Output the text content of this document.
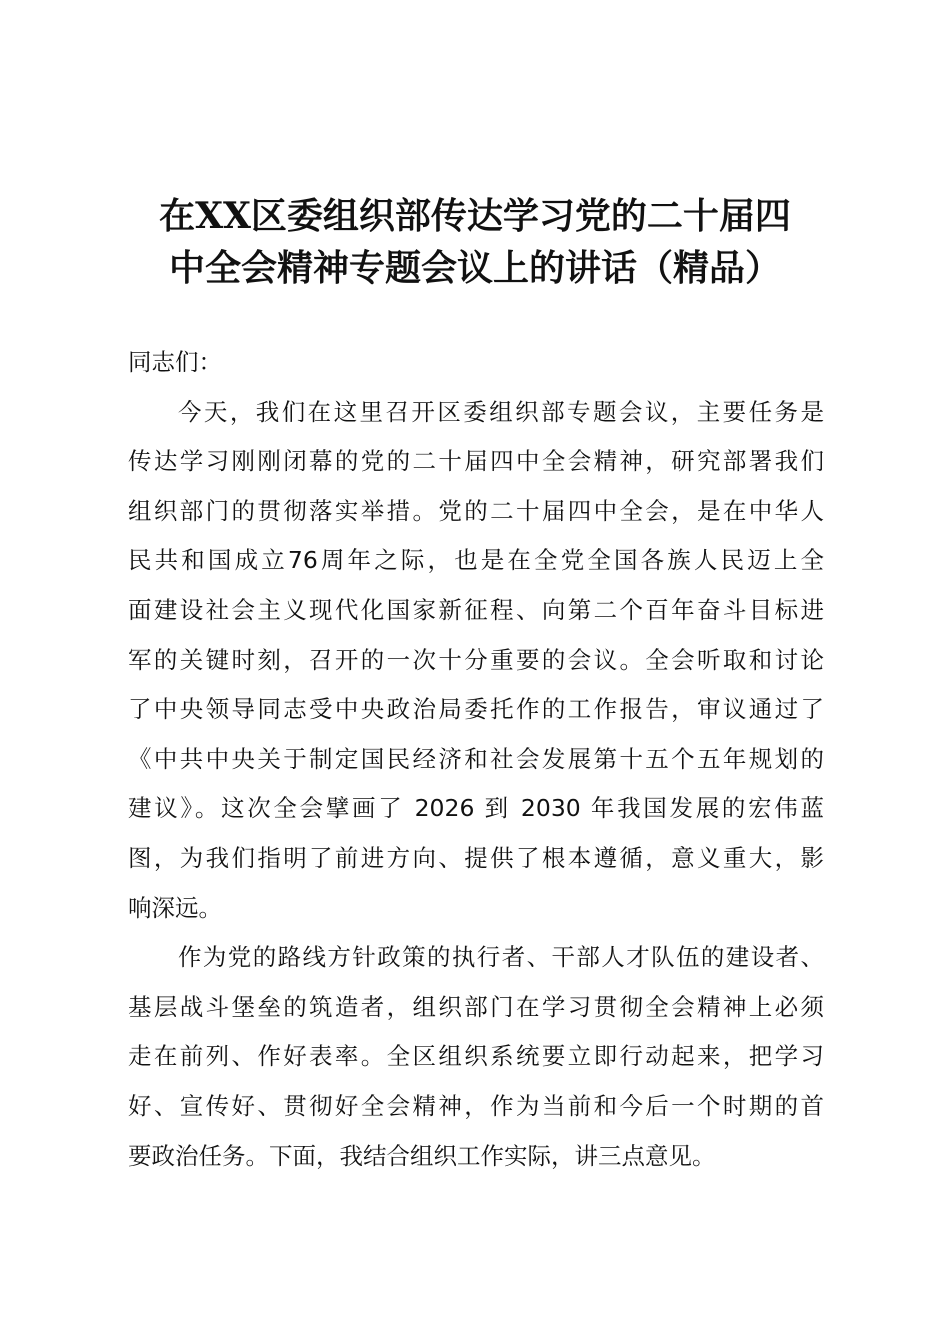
在XX区委组织部传达学习党的二十届四
中全会精神专题会议上的讲话（精品）
同志们：
今天，我们在这里召开区委组织部专题会议，主要任务是
传达学习刚刚闭幕的党的二十届四中全会精神，研究部署我们
组织部门的贯彻落实举措。党的二十届四中全会，是在中华人
民共和国成立76周年之际，也是在全党全国各族人民迈上全
面建设社会主义现代化国家新征程、向第二个百年奋斗目标进
军的关键时刻，召开的一次十分重要的会议。全会听取和讨论
了中央领导同志受中央政治局委托作的工作报告，审议通过了
《中共中央关于制定国民经济和社会发展第十五个五年规划的
建议》。这次全会擘画了 2026 到 2030 年我国发展的宏伟蓝
图，为我们指明了前进方向、提供了根本遵循，意义重大，影
响深远。
作为党的路线方针政策的执行者、干部人才队伍的建设者、
基层战斗堡垒的筑造者，组织部门在学习贯彻全会精神上必须
走在前列、作好表率。全区组织系统要立即行动起来，把学习
好、宣传好、贯彻好全会精神，作为当前和今后一个时期的首
要政治任务。下面，我结合组织工作实际，讲三点意见。
